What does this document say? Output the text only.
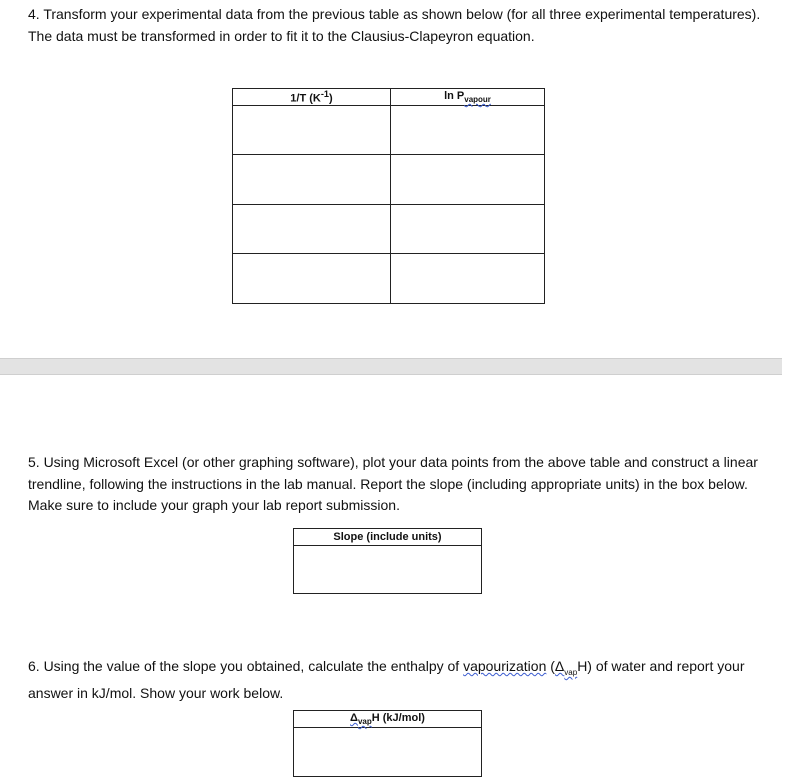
4. Transform your experimental data from the previous table as shown below (for all three experimental temperatures). The data must be transformed in order to fit it to the Clausius-Clapeyron equation.
1/T $(K^{-1})$	$\ln P_{vapour}$

5. Using Microsoft Excel (or other graphing software), plot your data points from the above table and construct a linear trendline, following the instructions in the lab manual. Report the slope (including appropriate units) in the box below. Make sure to include your graph your lab report submission.
Slope (include units)

6. Using the value of the slope you obtained, calculate the enthalpy of vapourization $(\Delta_{vap}H)$ of water and report your answer in kJ/mol. Show your work below.
$\Delta_{vap}H$ (kJ/mol)
